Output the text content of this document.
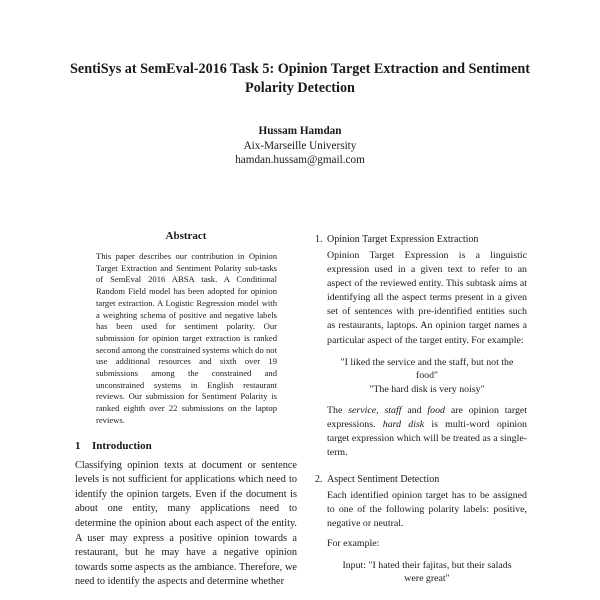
SentiSys at SemEval-2016 Task 5: Opinion Target Extraction and Sentiment
Polarity Detection
Hussam Hamdan
Aix-Marseille University
hamdan.hussam@gmail.com
Abstract

This paper describes our contribution in Opinion Target Extraction and Sentiment Polarity sub-tasks of SemEval 2016 ABSA task. A Conditional Random Field model has been adopted for opinion target extraction. A Logistic Regression model with a weighting schema of positive and negative labels has been used for sentiment polarity. Our submission for opinion target extraction is ranked second among the constrained systems which do not use additional resources and sixth over 19 submissions among the constrained and unconstrained systems in English restaurant reviews. Our submission for Sentiment Polarity is ranked eighth over 22 submissions on the laptop reviews.

1 Introduction

Classifying opinion texts at document or sentence levels is not sufficient for applications which need to identify the opinion targets. Even if the document is about one entity, many applications need to determine the opinion about each aspect of the entity. A user may express a positive opinion towards a restaurant, but he may have a negative opinion towards some aspects as the ambiance. Therefore, we need to identify the aspects and determine whether

1. Opinion Target Expression Extraction

Opinion Target Expression is a linguistic expression used in a given text to refer to an aspect of the reviewed entity. This subtask aims at identifying all the aspect terms present in a given set of sentences with pre-identified entities such as restaurants, laptops. An opinion target names a particular aspect of the target entity. For example:

"I liked the service and the staff, but not the
food"
"The hard disk is very noisy"

The service, staff and food are opinion target expressions. hard disk is multi-word opinion target expression which will be treated as a single-term.

2. Aspect Sentiment Detection

Each identified opinion target has to be assigned to one of the following polarity labels: positive, negative or neutral.

For example:

Input: "I hated their fajitas, but their salads
were great"
